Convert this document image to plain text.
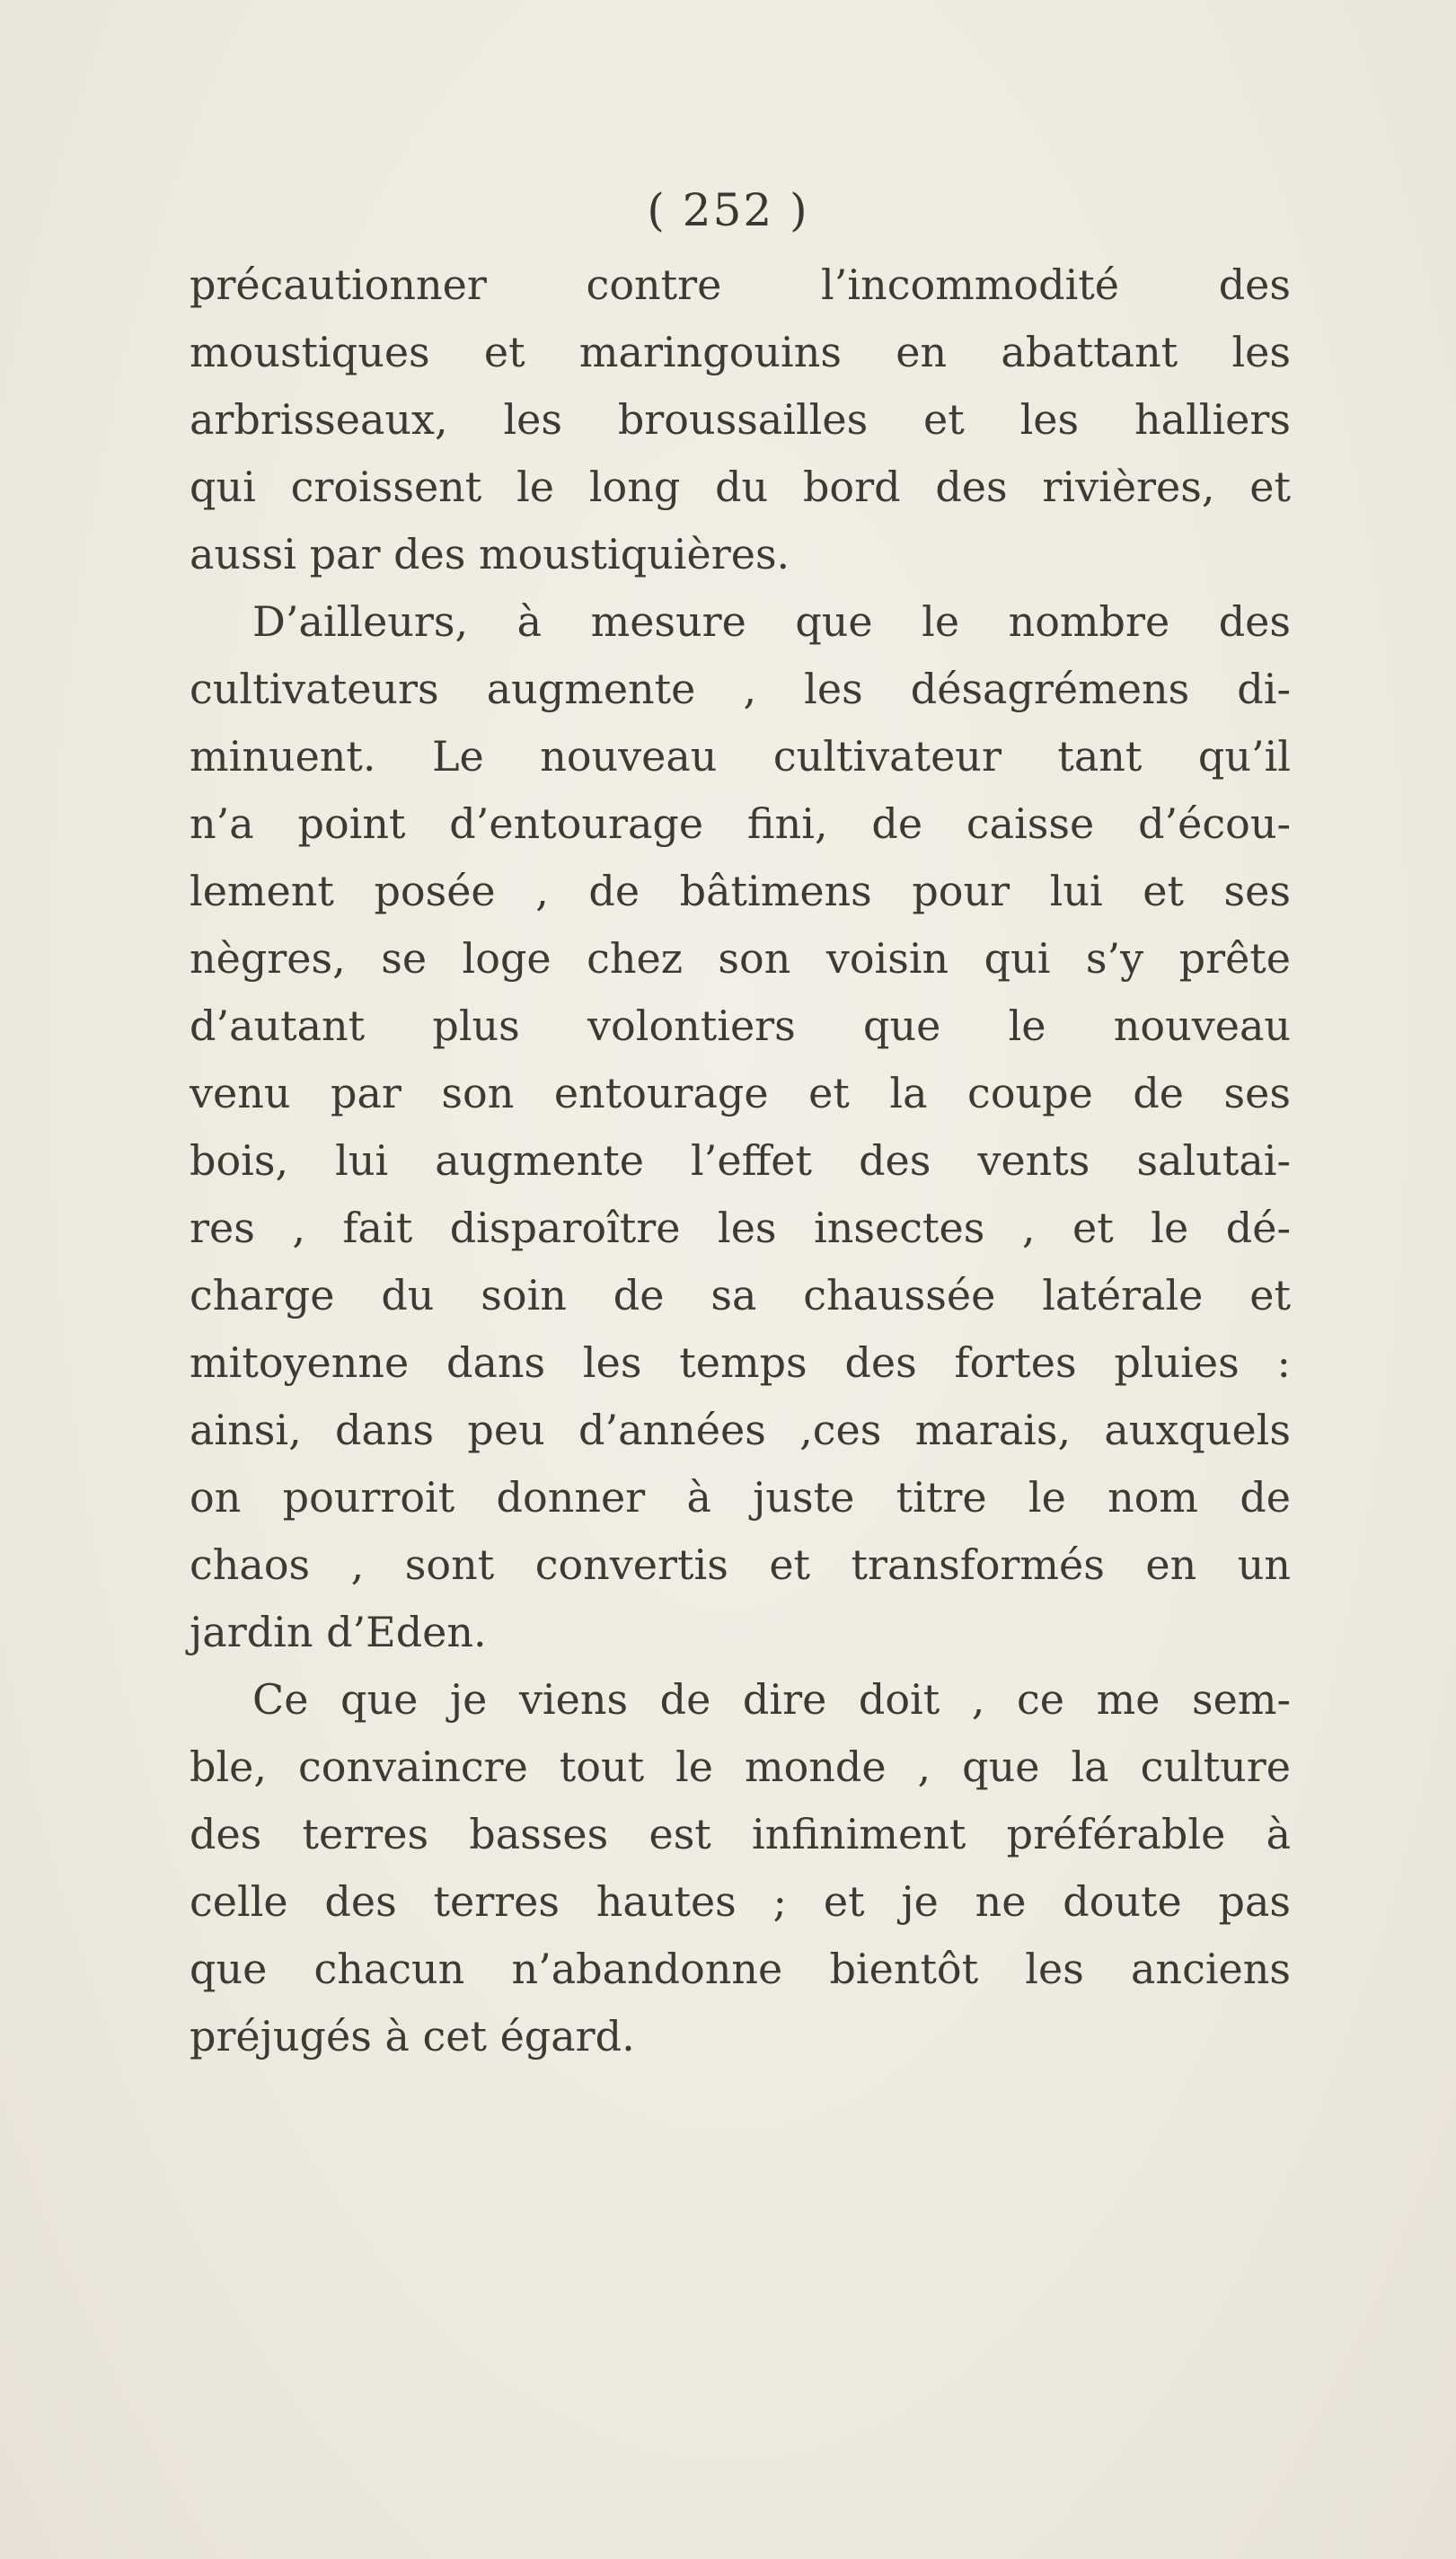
( 252 )
précautionner contre l’incommodité des
moustiques et maringouins en abattant les
arbrisseaux, les broussailles et les halliers
qui croissent le long du bord des rivières, et
aussi par des moustiquières.
D’ailleurs, à mesure que le nombre des
cultivateurs augmente , les désagrémens di-
minuent. Le nouveau cultivateur tant qu’il
n’a point d’entourage fini, de caisse d’écou-
lement posée , de bâtimens pour lui et ses
nègres, se loge chez son voisin qui s’y prête
d’autant plus volontiers que le nouveau
venu par son entourage et la coupe de ses
bois, lui augmente l’effet des vents salutai-
res , fait disparoître les insectes , et le dé-
charge du soin de sa chaussée latérale et
mitoyenne dans les temps des fortes pluies :
ainsi, dans peu d’années ,ces marais, auxquels
on pourroit donner à juste titre le nom de
chaos , sont convertis et transformés en un
jardin d’Eden.
Ce que je viens de dire doit , ce me sem-
ble, convaincre tout le monde , que la culture
des terres basses est infiniment préférable à
celle des terres hautes ; et je ne doute pas
que chacun n’abandonne bientôt les anciens
préjugés à cet égard.
